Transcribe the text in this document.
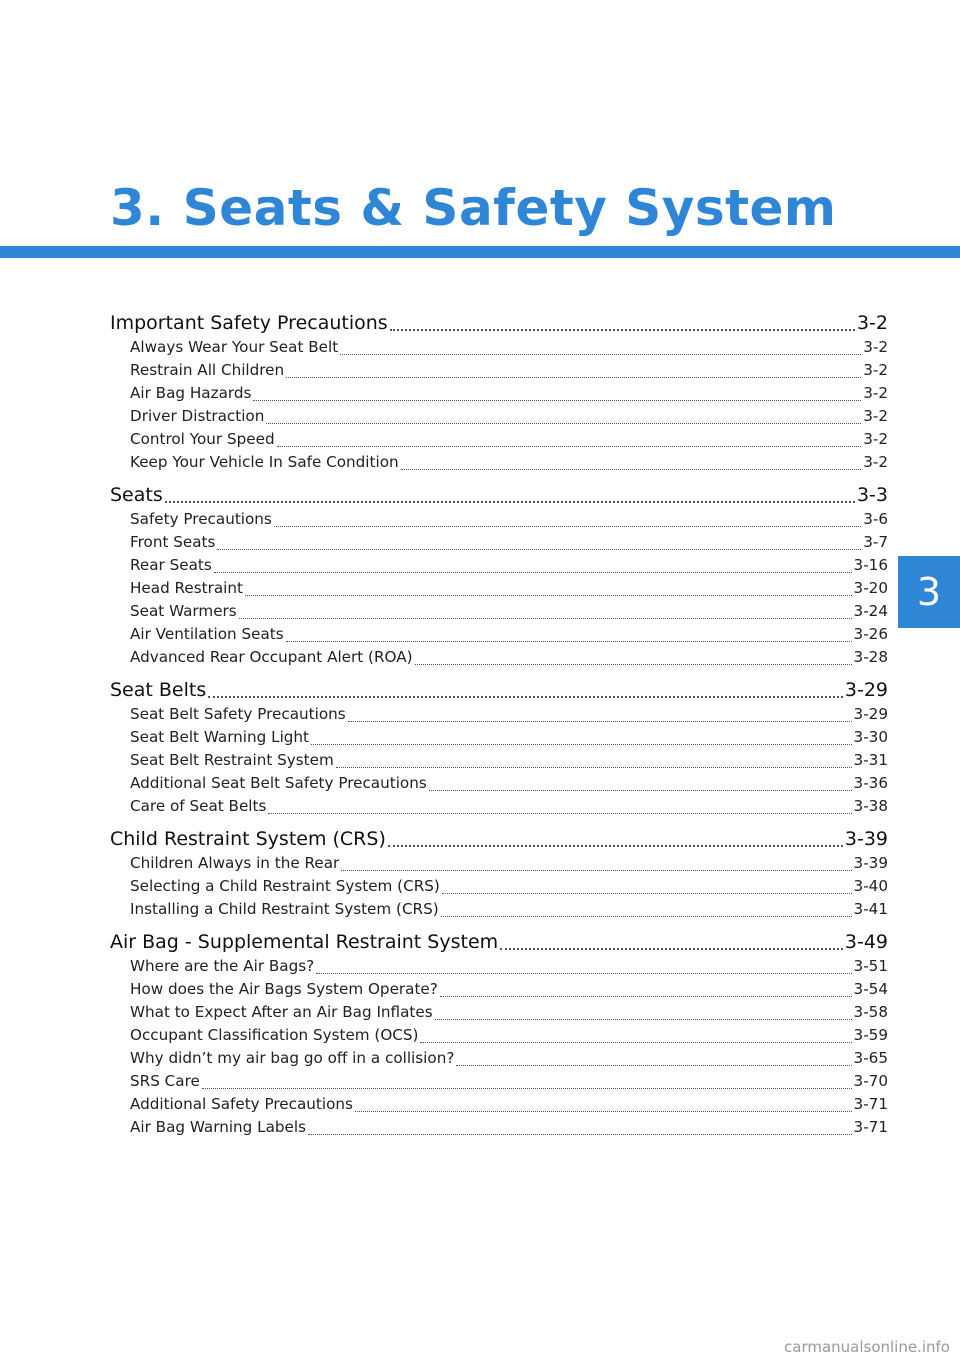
3. Seats & Safety System
Important Safety Precautions	3-2
Always Wear Your Seat Belt	3-2
Restrain All Children	3-2
Air Bag Hazards	3-2
Driver Distraction	3-2
Control Your Speed	3-2
Keep Your Vehicle In Safe Condition	3-2
Seats	3-3
Safety Precautions	3-6
Front Seats	3-7
Rear Seats	3-16
Head Restraint	3-20
Seat Warmers	3-24
Air Ventilation Seats	3-26
Advanced Rear Occupant Alert (ROA)	3-28
Seat Belts	3-29
Seat Belt Safety Precautions	3-29
Seat Belt Warning Light	3-30
Seat Belt Restraint System	3-31
Additional Seat Belt Safety Precautions	3-36
Care of Seat Belts	3-38
Child Restraint System (CRS)	3-39
Children Always in the Rear	3-39
Selecting a Child Restraint System (CRS)	3-40
Installing a Child Restraint System (CRS)	3-41
Air Bag - Supplemental Restraint System	3-49
Where are the Air Bags?	3-51
How does the Air Bags System Operate?	3-54
What to Expect After an Air Bag Inflates	3-58
Occupant Classification System (OCS)	3-59
Why didn’t my air bag go off in a collision?	3-65
SRS Care	3-70
Additional Safety Precautions	3-71
Air Bag Warning Labels	3-71
3
carmanualsonline.info
